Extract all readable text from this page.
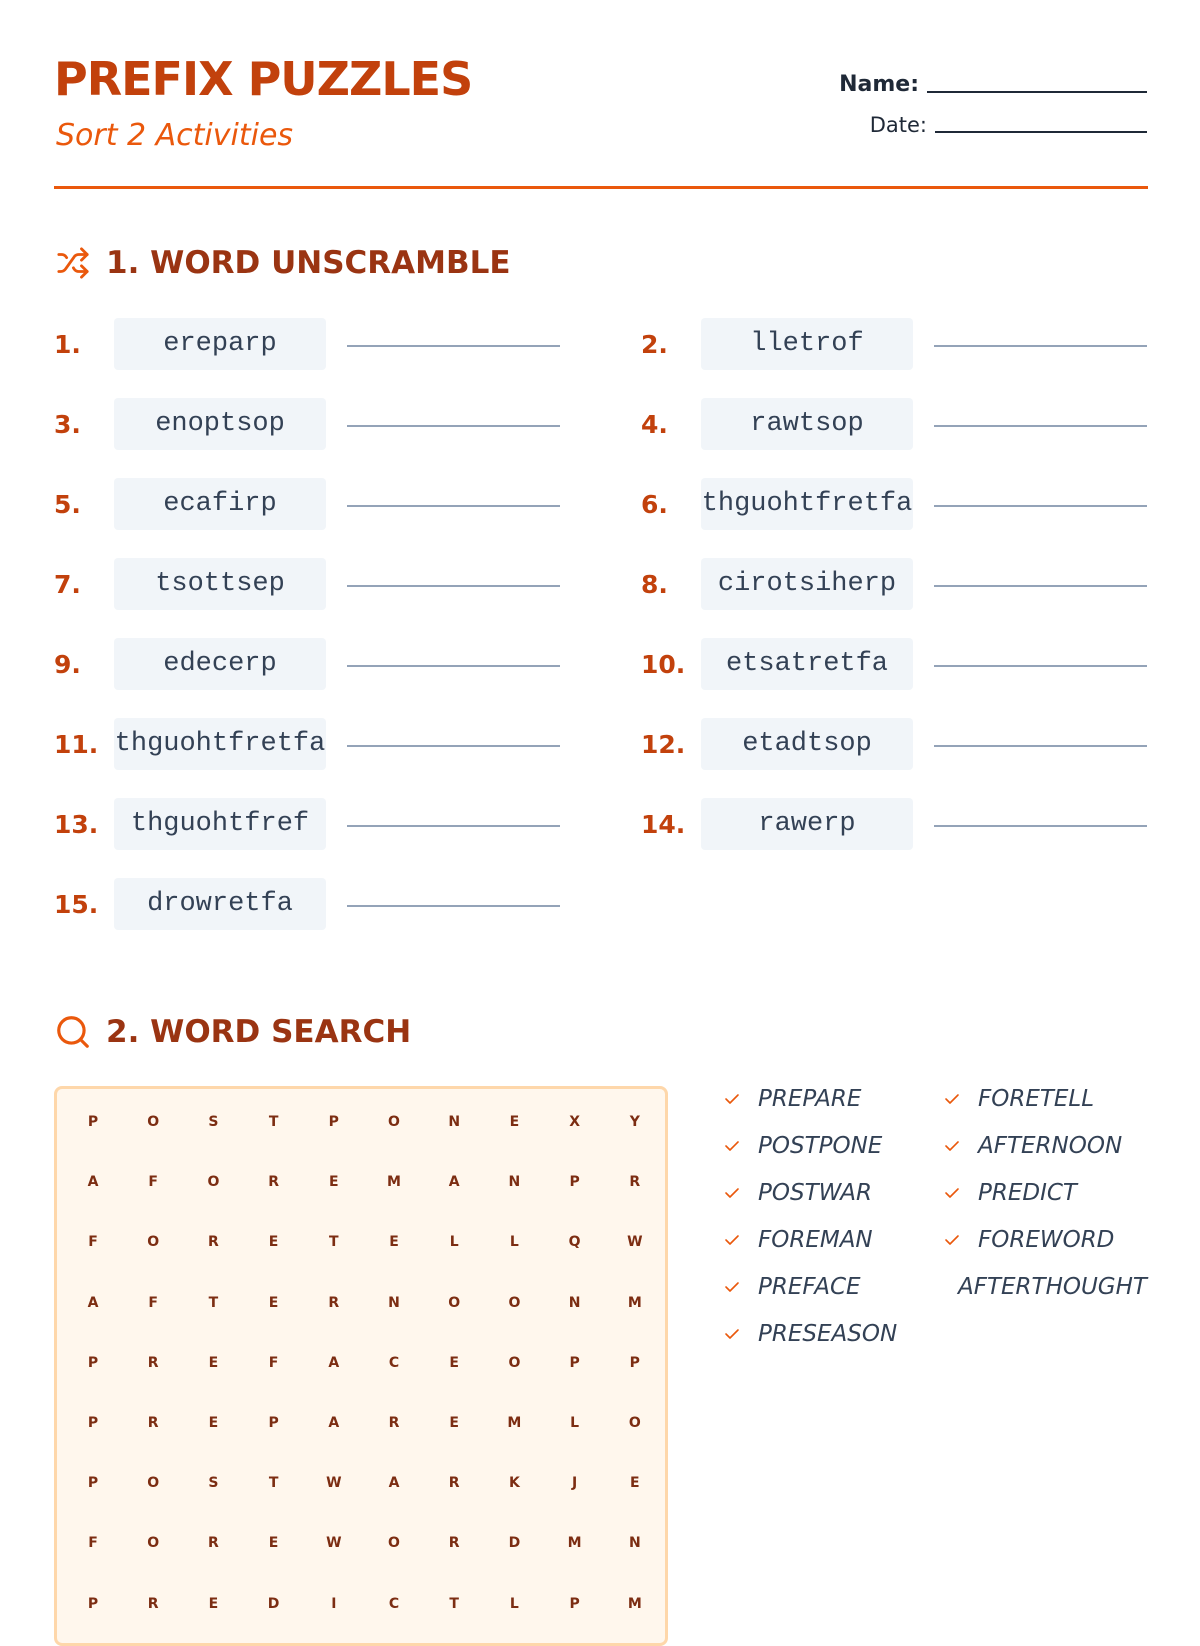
PREFIX PUZZLES
Sort 2 Activities
Name:
Date:
1. WORD UNSCRAMBLE
1.	ereparp	2.	lletrof
3.	enoptsop	4.	rawtsop
5.	ecafirp	6. thguohtfretfa
7.	tsottsep	8.	cirotsiherp
9.	edecerp	10.	etsatretfa
11. thguohtfretfa	12.	etadtsop
13.	thguohtfref	14.	rawerp
15.	drowretfa
2. WORD SEARCH
P	O	S	T	P	O	N	E	X	Y
A	F	O	R	E	M	A	N	P	R
F	O	R	E	T	E	L	L	Q	W
A	F	T	E	R	N	O	O	N	M
P	R	E	F	A	C	E	O	P	P
P	R	E	P	A	R	E	M	L	O
P	O	S	T	W	A	R	K	J	E
F	O	R	E	W	O	R	D	M	N
P	R	E	D	I	C	T	L	P	M
PREPARE
POSTPONE
POSTWAR
FOREMAN
PREFACE
PRESEASON
FORETELL
AFTERNOON
PREDICT
FOREWORD
AFTERTHOUGHT
